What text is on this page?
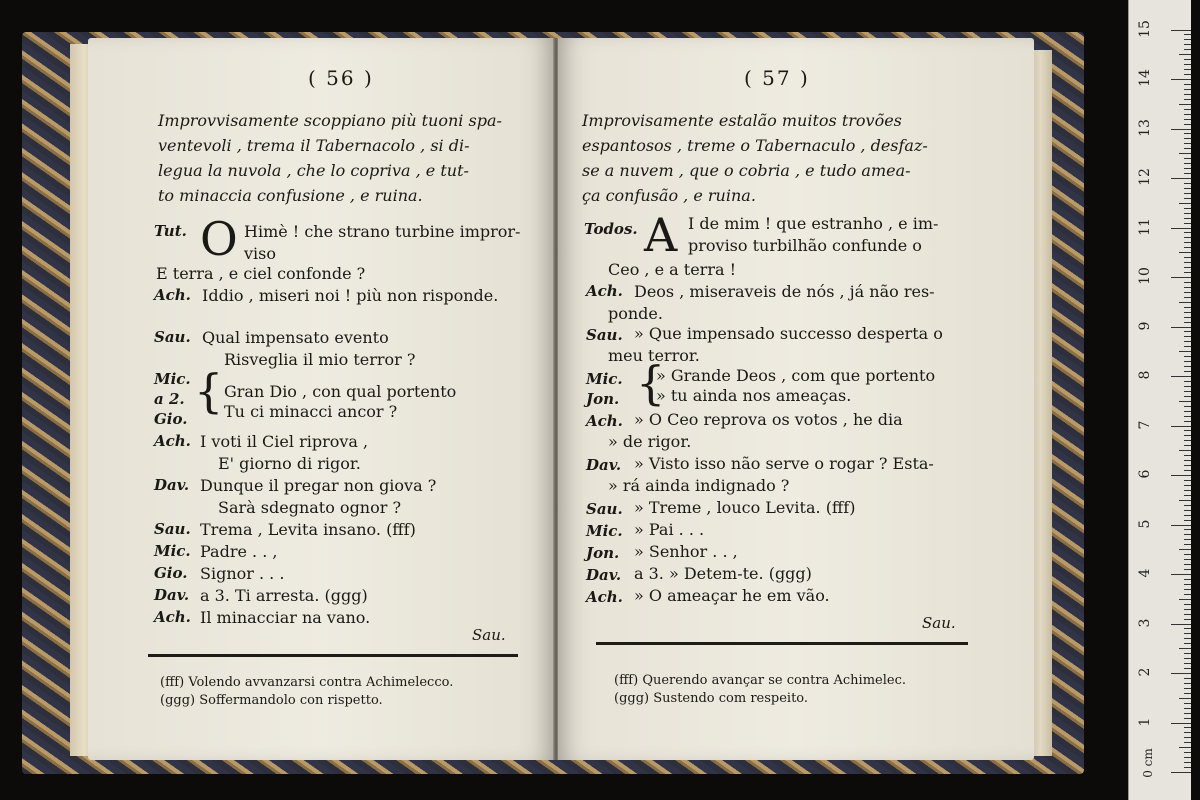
( 56 )
Improvvisamente scoppiano più tuoni spa-
ventevoli , trema il Tabernacolo , si di-
legua la nuvola , che lo copriva , e tut-
to minaccia confusione , e ruina.
Tut. O Himè ! che strano turbine impror-
viso
E terra , e ciel confonde ?
Ach. Iddio , miseri noi ! più non risponde.
Sau. Qual impensato evento
Risveglia il mio terror ?
Mic.
a 2.
Gio.
{ Gran Dio , con qual portento
Tu ci minacci ancor ?
Ach. I voti il Ciel riprova ,
E' giorno di rigor.
Dav. Dunque il pregar non giova ?
Sarà sdegnato ognor ?
Sau. Trema , Levita insano. (fff)
Mic. Padre . . ,
Gio. Signor . . .
Dav. a 3. Ti arresta. (ggg)
Ach. Il minacciar na vano.
Sau.
(fff) Volendo avvanzarsi contra Achimelecco.
(ggg) Soffermandolo con rispetto.
( 57 )
Improvisamente estalão muitos trovões
espantosos , treme o Tabernaculo , desfaz-
se a nuvem , que o cobria , e tudo amea-
ça confusão , e ruina.
Todos. A I de mim ! que estranho , e im-
proviso turbilhão confunde o
Ceo , e a terra !
Ach. Deos , miseraveis de nós , já não res-
ponde.
Sau. » Que impensado successo desperta o
meu terror.
Mic. {
» Grande Deos , com que portento
Jon. » tu ainda nos ameaças.
Ach. » O Ceo reprova os votos , he dia
» de rigor.
Dav. » Visto isso não serve o rogar ? Esta-
» rá ainda indignado ?
Sau. » Treme , louco Levita. (fff)
Mic. » Pai . . .
Jon. » Senhor . . ,
Dav. a 3. » Detem-te. (ggg)
Ach. » O ameaçar he em vão.
Sau.
(fff) Querendo avançar se contra Achimelec.
(ggg) Sustendo com respeito.
0 cm
1
2
3
4
5
6
7
8
9
10
11
12
13
14
15
